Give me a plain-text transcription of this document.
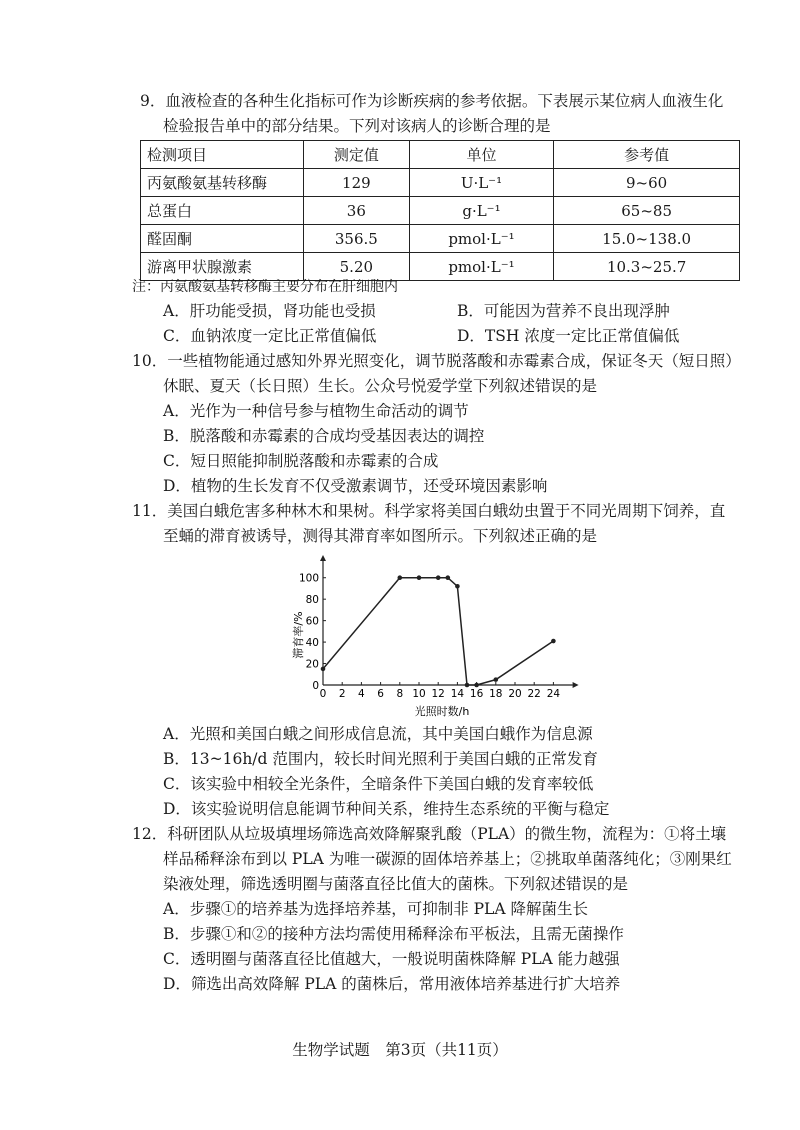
9．血液检查的各种生化指标可作为诊断疾病的参考依据。下表展示某位病人血液生化
检验报告单中的部分结果。下列对该病人的诊断合理的是
检测项目	测定值	单位	参考值
丙氨酸氨基转移酶	129	U·L⁻¹	9~60
总蛋白	36	g·L⁻¹	65~85
醛固酮	356.5	pmol·L⁻¹	15.0~138.0
游离甲状腺激素	5.20	pmol·L⁻¹	10.3~25.7
注：丙氨酸氨基转移酶主要分布在肝细胞内
A．肝功能受损，肾功能也受损	B．可能因为营养不良出现浮肿
C．血钠浓度一定比正常值偏低	D．TSH 浓度一定比正常值偏低
10．一些植物能通过感知外界光照变化，调节脱落酸和赤霉素合成，保证冬天（短日照）
休眠、夏天（长日照）生长。公众号悦爱学堂下列叙述错误的是
A．光作为一种信号参与植物生命活动的调节
B．脱落酸和赤霉素的合成均受基因表达的调控
C．短日照能抑制脱落酸和赤霉素的合成
D．植物的生长发育不仅受激素调节，还受环境因素影响
11．美国白蛾危害多种林木和果树。科学家将美国白蛾幼虫置于不同光周期下饲养，直
至蛹的滞育被诱导，测得其滞育率如图所示。下列叙述正确的是
0 2 4 6 8 10 12 14 16 18 20 22 24
0
20
40
60
80
100
光照时数/h
滞育率/%
A．光照和美国白蛾之间形成信息流，其中美国白蛾作为信息源
B．13~16h/d 范围内，较长时间光照利于美国白蛾的正常发育
C．该实验中相较全光条件，全暗条件下美国白蛾的发育率较低
D．该实验说明信息能调节种间关系，维持生态系统的平衡与稳定
12．科研团队从垃圾填埋场筛选高效降解聚乳酸（PLA）的微生物，流程为：①将土壤
样品稀释涂布到以 PLA 为唯一碳源的固体培养基上；②挑取单菌落纯化；③刚果红
染液处理，筛选透明圈与菌落直径比值大的菌株。下列叙述错误的是
A．步骤①的培养基为选择培养基，可抑制非 PLA 降解菌生长
B．步骤①和②的接种方法均需使用稀释涂布平板法，且需无菌操作
C．透明圈与菌落直径比值越大，一般说明菌株降解 PLA 能力越强
D．筛选出高效降解 PLA 的菌株后，常用液体培养基进行扩大培养
生物学试题　第3页（共11页）
